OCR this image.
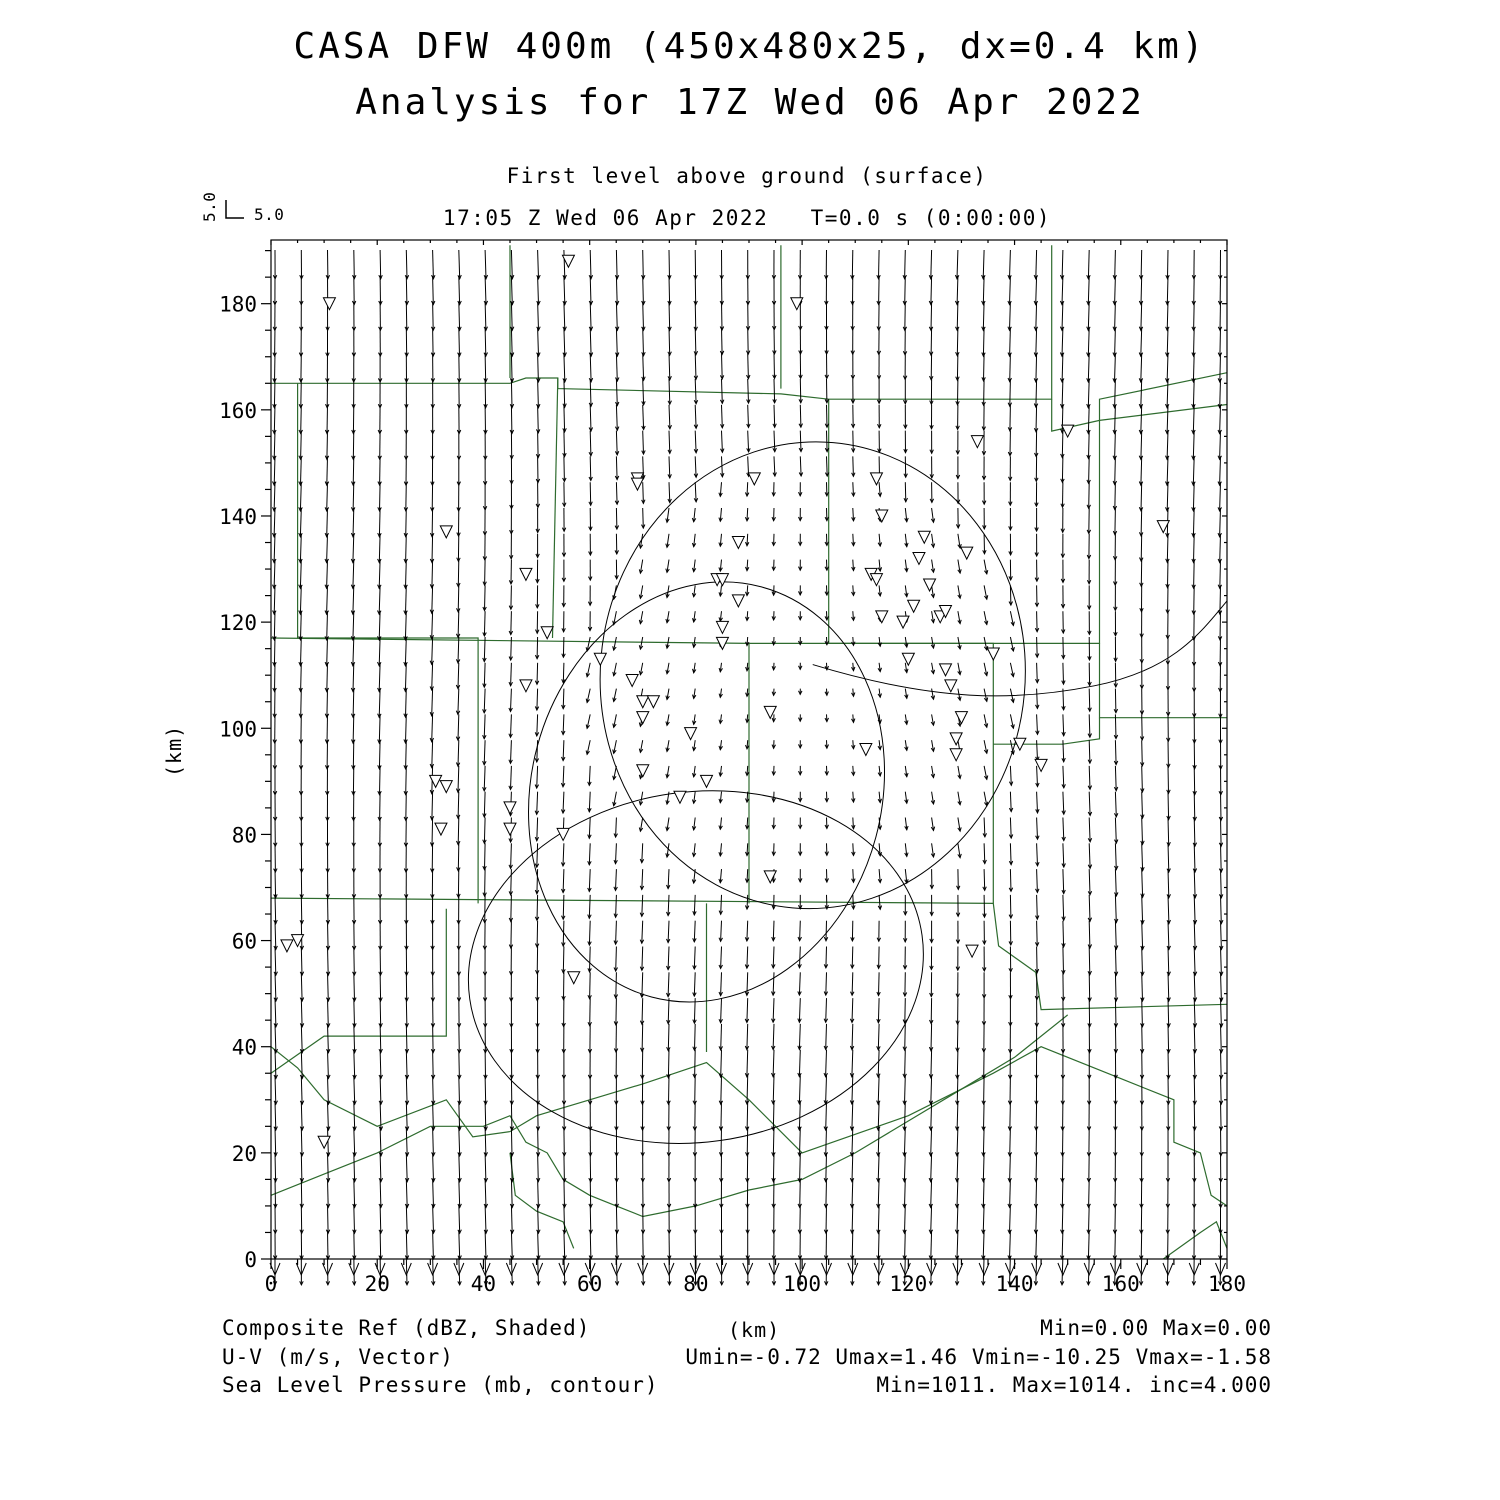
CASA DFW 400m (450x480x25, dx=0.4 km)
Analysis for 17Z Wed 06 Apr 2022
First level above ground (surface)
17:05 Z Wed 06 Apr 2022   T=0.0 s (0:00:00)
5.0
5.0
(km)
0	20	40	60	80	100	120	140	160	180
0
20
40
60
80
100
120
140
160
180
Composite Ref (dBZ, Shaded)	(km)	Min=0.00 Max=0.00
U-V (m/s, Vector)	Umin=-0.72 Umax=1.46 Vmin=-10.25 Vmax=-1.58
Sea Level Pressure (mb, contour)	Min=1011. Max=1014. inc=4.000
